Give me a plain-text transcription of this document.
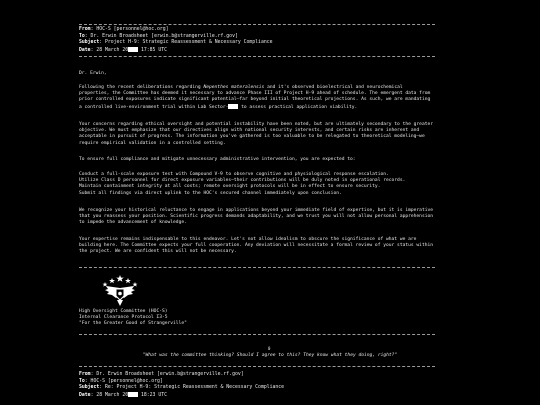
From: HOC-S [personnel@hoc.org]
To: Dr. Erwin Broadsheet [erwin.b@strangerville.rf.gov]
Subject: Project H-9: Strategic Reassessment & Necessary Compliance
Date: 28 March 20	17:85 UTC

Dr. Erwin,

Following the recent deliberations regarding Nepenthes materalensis and it's observed bioelectrical and neurochemical properties, the Committee has deemed it necessary to advance Phase III of Project H-9 ahead of schedule. The emergent data from prior controlled exposures indicate significant potential—far beyond initial theoretical projections. As such, we are mandating a controlled live-environment trial within Lab Sector- to assess practical application viability.

Your concerns regarding ethical oversight and potential instability have been noted, but are ultimately secondary to the greater objective. We must emphasize that our directives align with national security interests, and certain risks are inherent and acceptable in pursuit of progress. The information you've gathered is too valuable to be relegated to theoretical modeling—we require empirical validation in a controlled setting.

To ensure full compliance and mitigate unnecessary administrative intervention, you are expected to:

Conduct a full-scale exposure test with Compound V-9 to observe cognitive and physiological response escalation.
Utilize Class D personnel for direct exposure variables—their contributions will be duly noted in operational records.
Maintain containment integrity at all costs; remote oversight protocols will be in effect to ensure security.
Submit all findings via direct uplink to the HOC's secured channel immediately upon conclusion.

We recognize your historical reluctance to engage in applications beyond your immediate field of expertise, but it is imperative that you reassess your position. Scientific progress demands adaptability, and we trust you will not allow personal apprehension to impede the advancement of knowledge.

Your expertise remains indispensable to this endeavor. Let's not allow idealism to obscure the significance of what we are building here. The Committee expects your full cooperation. Any deviation will necessitate a formal review of your status within the project. We are confident this will not be necessary.

From: Dr. Erwin Broadsheet [erwin.b@strangerville.rf.gov]
To: HOC-S [personnel@hoc.org]
Subject: Re: Project H-9: Strategic Reassessment & Necessary Compliance
Date: 28 March 20	18:23 UTC
High Oversight Committee (HOC-S)
Internal Clearance Protocol Σ3-5
"For the Greater Good of Strangerville"
0
"What was the committee thinking? Should I agree to this? They know what they doing, right?"
